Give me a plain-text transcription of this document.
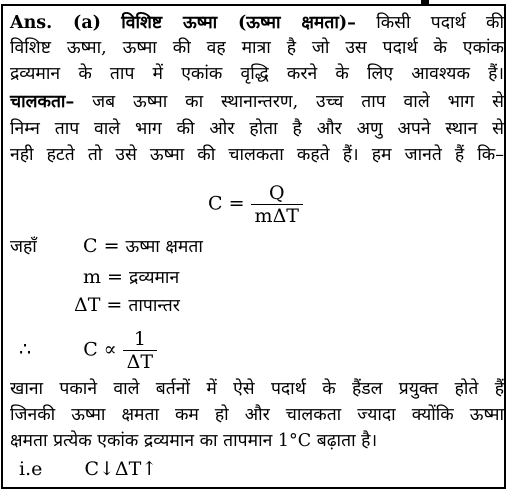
Ans. (a) विशिष्ट ऊष्मा (ऊष्मा क्षमता)– किसी पदार्थ की
विशिष्ट ऊष्मा, ऊष्मा की वह मात्रा है जो उस पदार्थ के एकांक
द्रव्यमान के ताप में एकांक वृद्धि करने के लिए आवश्यक हैं।
चालकता– जब ऊष्मा का स्थानान्तरण, उच्च ताप वाले भाग से
निम्न ताप वाले भाग की ओर होता है और अणु अपने स्थान से
नही हटते तो उसे ऊष्मा की चालकता कहते हैं। हम जानते हैं कि–
$C = \frac{Q}{\text{mΔT}}$
जहाँ C = ऊष्मा क्षमता
m = द्रव्यमान
ΔT = तापान्तर
∴	$C \propto \frac{1}{\Delta T}$
खाना पकाने वाले बर्तनों में ऐसे पदार्थ के हैंडल प्रयुक्त होते हैं
जिनकी ऊष्मा क्षमता कम हो और चालकता ज्यादा क्योंकि ऊष्मा
क्षमता प्रत्येक एकांक द्रव्यमान का तापमान 1°C बढ़ाता है।
i.e C↓ΔT↑
